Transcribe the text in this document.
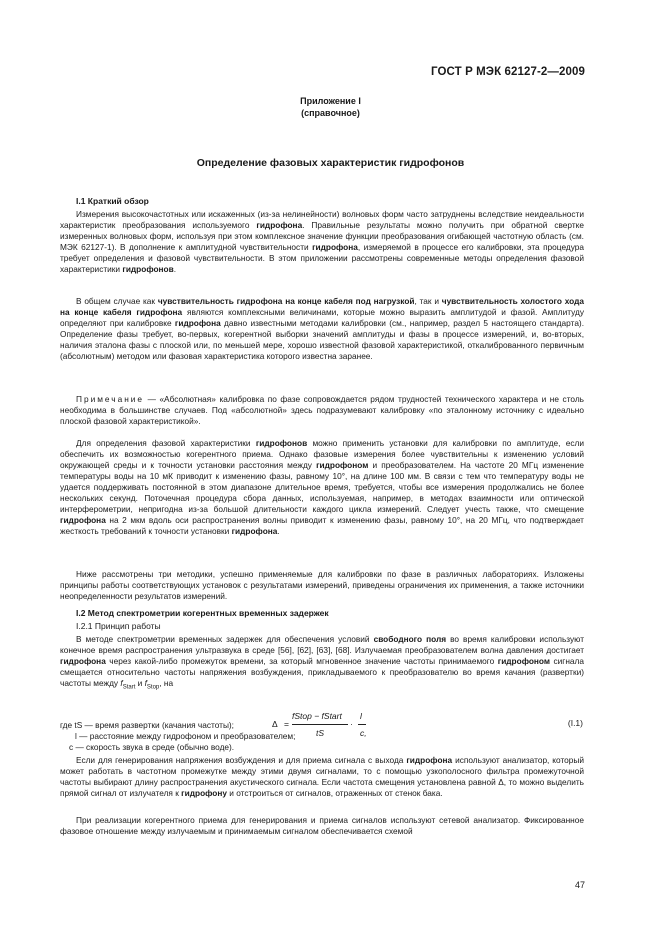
ГОСТ Р МЭК 62127-2—2009
Приложение I
(справочное)
Определение фазовых характеристик гидрофонов
I.1 Краткий обзор

Измерения высокочастотных или искаженных (из-за нелинейности) волновых форм часто затруднены вследствие неидеальности характеристик преобразования используемого гидрофона. Правильные результаты можно получить при обратной свертке измеренных волновых форм, используя при этом комплексное значение функции преобразования огибающей частотную область (см. МЭК 62127-1). В дополнение к амплитудной чувствительности гидрофона, измеряемой в процессе его калибровки, эта процедура требует определения и фазовой чувствительности. В этом приложении рассмотрены современные методы определения фазовой характеристики гидрофонов.

В общем случае как чувствительность гидрофона на конце кабеля под нагрузкой, так и чувствительность холостого хода на конце кабеля гидрофона являются комплексными величинами, которые можно выразить амплитудой и фазой. Амплитуду определяют при калибровке гидрофона давно известными методами калибровки (см., например, раздел 5 настоящего стандарта). Определение фазы требует, во-первых, когерентной выборки значений амплитуды и фазы в процессе измерений, и, во-вторых, наличия эталона фазы с плоской или, по меньшей мере, хорошо известной фазовой характеристикой, откалиброванного первичным (абсолютным) методом или фазовая характеристика которого известна заранее.

Примечание — «Абсолютная» калибровка по фазе сопровождается рядом трудностей технического характера и не столь необходима в большинстве случаев. Под «абсолютной» здесь подразумевают калибровку «по эталонному источнику с идеально плоской фазовой характеристикой».

Для определения фазовой характеристики гидрофонов можно применить установки для калибровки по амплитуде, если обеспечить их возможностью когерентного приема. Однако фазовые измерения более чувствительны к изменению условий окружающей среды и к точности установки расстояния между гидрофоном и преобразователем. На частоте 20 МГц изменение температуры воды на 10 мК приводит к изменению фазы, равному 10°, на длине 100 мм. В связи с тем что температуру воды не удается поддерживать постоянной в этом диапазоне длительное время, требуется, чтобы все измерения продолжались не более нескольких секунд. Поточечная процедура сбора данных, используемая, например, в методах взаимности или оптической интерферометрии, непригодна из-за большой длительности каждого цикла измерений. Следует учесть также, что смещение гидрофона на 2 мкм вдоль оси распространения волны приводит к изменению фазы, равному 10°, на 20 МГц, что подтверждает жесткость требований к точности установки гидрофона.

Ниже рассмотрены три методики, успешно применяемые для калибровки по фазе в различных лабораториях. Изложены принципы работы соответствующих установок с результатами измерений, приведены ограничения их применения, а также источники неопределенности результатов измерений.

I.2 Метод спектрометрии когерентных временных задержек
I.2.1 Принцип работы

В методе спектрометрии временных задержек для обеспечения условий свободного поля во время калибровки используют конечное время распространения ультразвука в среде [56], [62], [63], [68]. Излучаемая преобразователем волна давления достигает гидрофона через какой-либо промежуток времени, за который мгновенное значение частоты принимаемого гидрофоном сигнала смещается относительно частоты напряжения возбуждения, прикладываемого к преобразователю во время качания (развертки) частоты между $f_{Start}$ и $f_{Stop}$, на

Δ =
fStop − fStart
tS
·
l
c,
(I.1)
где tS — время развертки (качания частоты);
l — расстояние между гидрофоном и преобразователем;
c — скорость звука в среде (обычно воде).

Если для генерирования напряжения возбуждения и для приема сигнала с выхода гидрофона используют анализатор, который может работать в частотном промежутке между этими двумя сигналами, то с помощью узкополосного фильтра промежуточной частоты выбирают длину распространения акустического сигнала. Если частота смещения установлена равной Δ, то можно выделить прямой сигнал от излучателя к гидрофону и отстроиться от сигналов, отраженных от стенок бака.

При реализации когерентного приема для генерирования и приема сигналов используют сетевой анализатор. Фиксированное фазовое отношение между излучаемым и принимаемым сигналом обеспечивается схемой

47
